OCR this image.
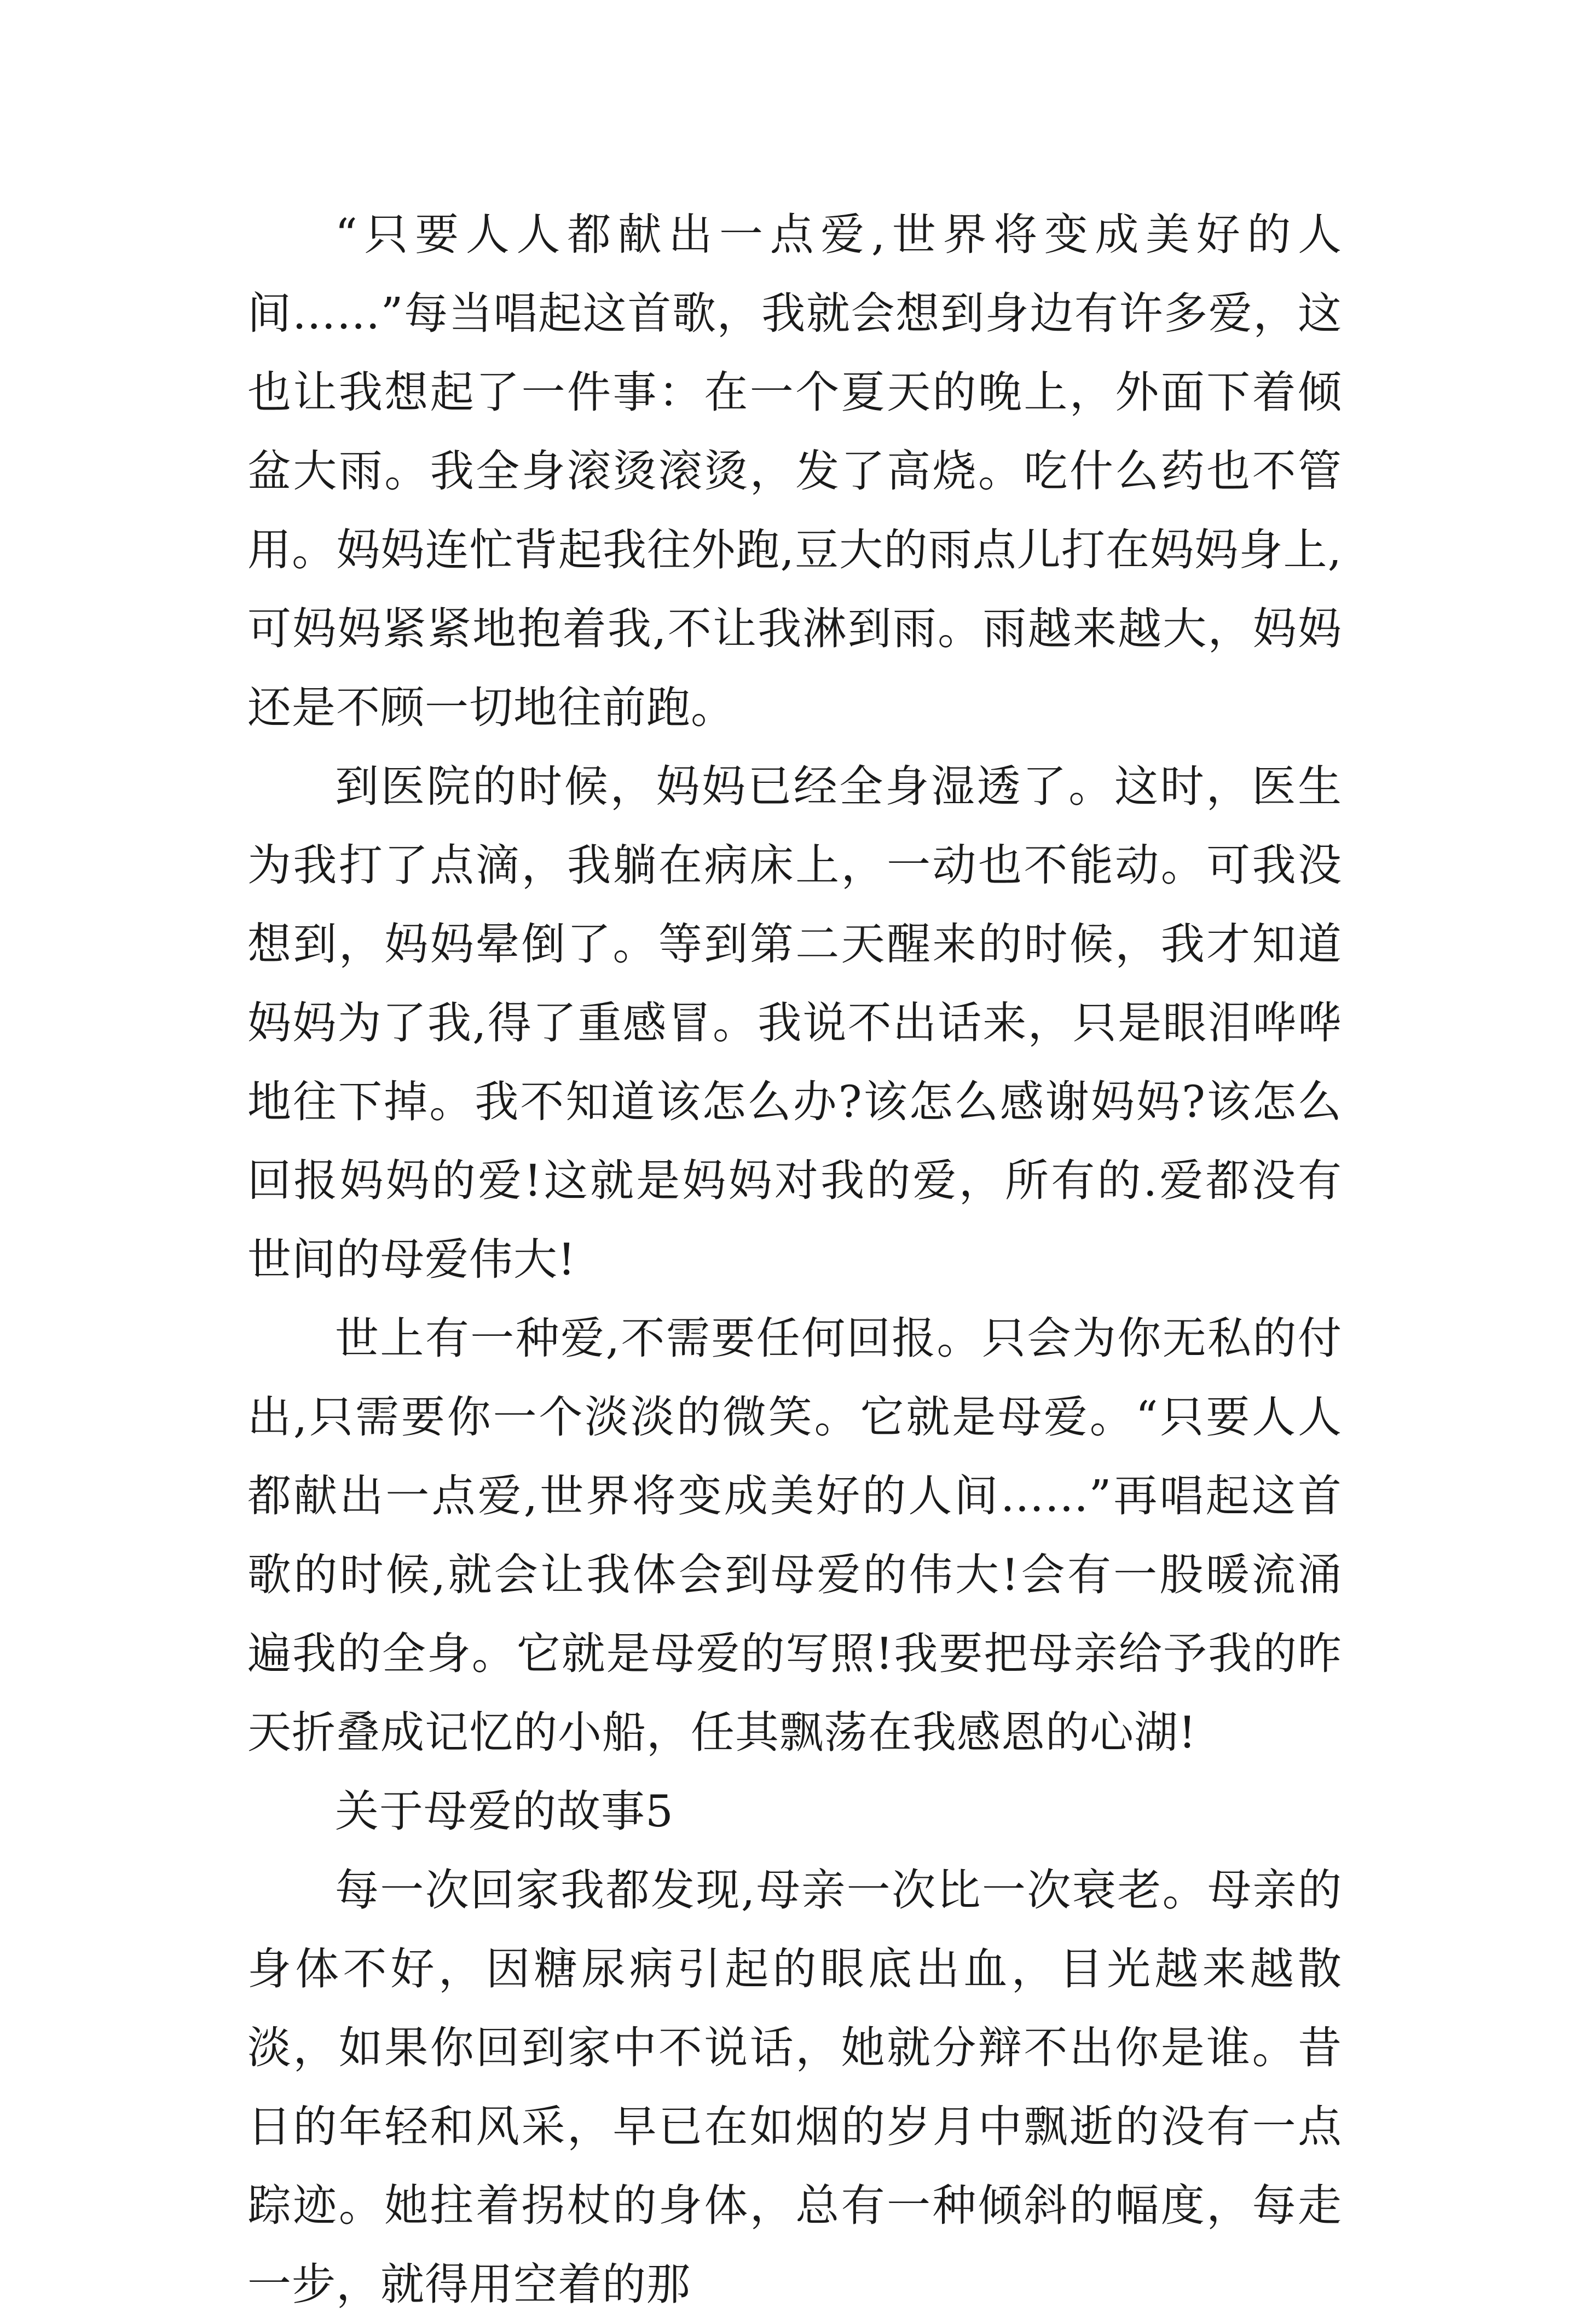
“只要人人都献出一点爱,世界将变成美好的人间……”每当唱起这首歌，我就会想到身边有许多爱，这也让我想起了一件事：在一个夏天的晚上，外面下着倾盆大雨。我全身滚烫滚烫，发了高烧。吃什么药也不管用。妈妈连忙背起我往外跑,豆大的雨点儿打在妈妈身上,可妈妈紧紧地抱着我,不让我淋到雨。雨越来越大，妈妈还是不顾一切地往前跑。

到医院的时候，妈妈已经全身湿透了。这时，医生为我打了点滴，我躺在病床上，一动也不能动。可我没想到，妈妈晕倒了。等到第二天醒来的时候，我才知道妈妈为了我,得了重感冒。我说不出话来，只是眼泪哗哗地往下掉。我不知道该怎么办?该怎么感谢妈妈?该怎么回报妈妈的爱!这就是妈妈对我的爱，所有的.爱都没有世间的母爱伟大!

世上有一种爱,不需要任何回报。只会为你无私的付出,只需要你一个淡淡的微笑。它就是母爱。“只要人人都献出一点爱,世界将变成美好的人间……”再唱起这首歌的时候,就会让我体会到母爱的伟大!会有一股暖流涌遍我的全身。它就是母爱的写照!我要把母亲给予我的昨天折叠成记忆的小船，任其飘荡在我感恩的心湖!

关于母爱的故事5

每一次回家我都发现,母亲一次比一次衰老。母亲的身体不好，因糖尿病引起的眼底出血，目光越来越散淡，如果你回到家中不说话，她就分辩不出你是谁。昔日的年轻和风采，早已在如烟的岁月中飘逝的没有一点踪迹。她拄着拐杖的身体，总有一种倾斜的幅度，每走一步，就得用空着的那
